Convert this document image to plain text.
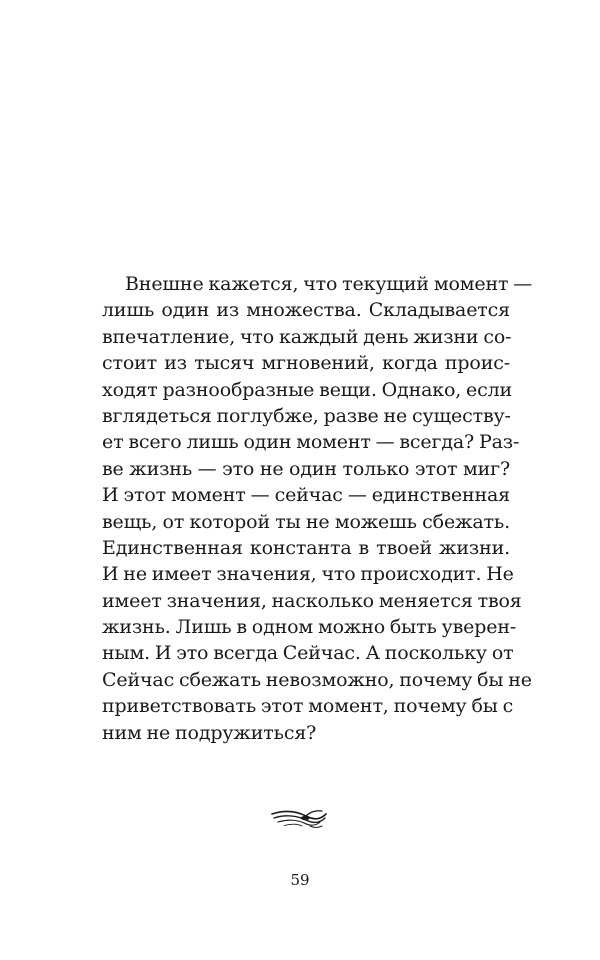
Внешне кажется, что текущий момент —
лишь один из множества. Складывается
впечатление, что каждый день жизни со-
стоит из тысяч мгновений, когда проис-
ходят разнообразные вещи. Однако, если
вглядеться поглубже, разве не существу-
ет всего лишь один момент — всегда? Раз-
ве жизнь — это не один только этот миг?
И этот момент — сейчас — единственная
вещь, от которой ты не можешь сбежать.
Единственная константа в твоей жизни.
И не имеет значения, что происходит. Не
имеет значения, насколько меняется твоя
жизнь. Лишь в одном можно быть уверен-
ным. И это всегда Сейчас. А поскольку от
Сейчас сбежать невозможно, почему бы не
приветствовать этот момент, почему бы с
ним не подружиться?
59
